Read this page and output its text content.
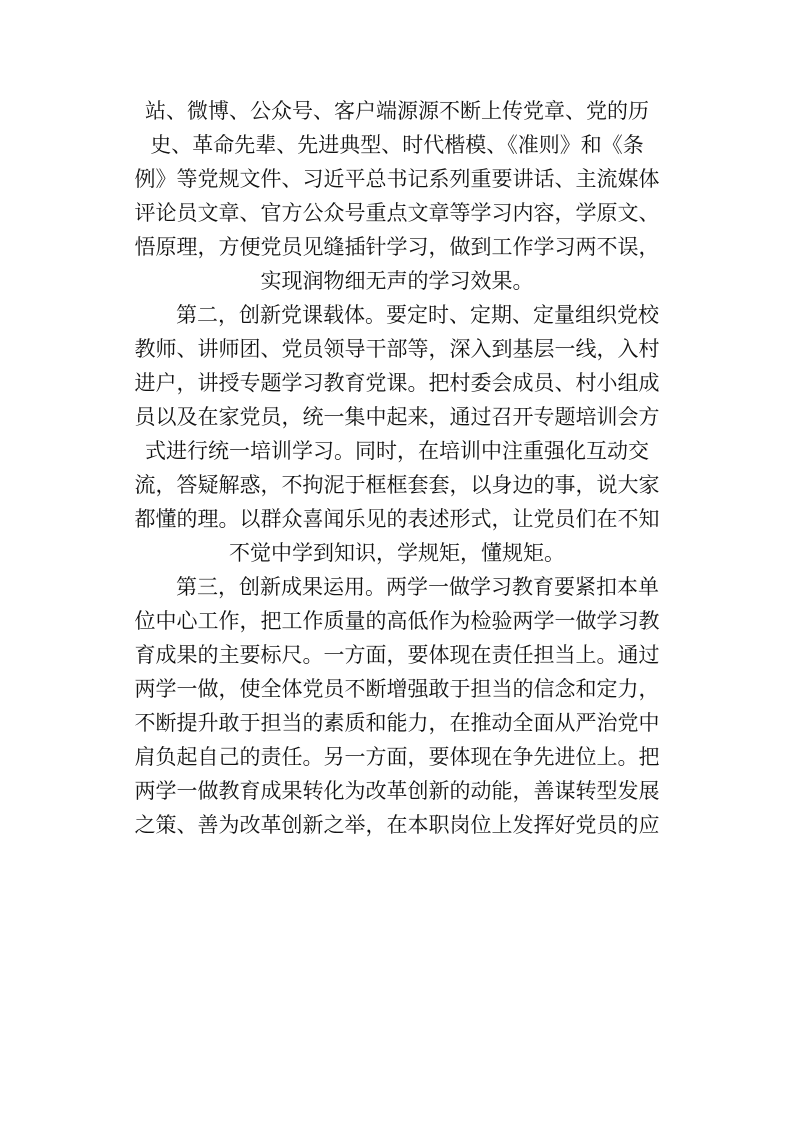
站、微博、公众号、客户端源源不断上传党章、党的历
史、革命先辈、先进典型、时代楷模、《准则》和《条
例》等党规文件、习近平总书记系列重要讲话、主流媒体
评论员文章、官方公众号重点文章等学习内容，学原文、
悟原理，方便党员见缝插针学习，做到工作学习两不误，
实现润物细无声的学习效果。
第二，创新党课载体。要定时、定期、定量组织党校
教师、讲师团、党员领导干部等，深入到基层一线，入村
进户，讲授专题学习教育党课。把村委会成员、村小组成
员以及在家党员，统一集中起来，通过召开专题培训会方
式进行统一培训学习。同时，在培训中注重强化互动交
流，答疑解惑，不拘泥于框框套套，以身边的事，说大家
都懂的理。以群众喜闻乐见的表述形式，让党员们在不知
不觉中学到知识，学规矩，懂规矩。
第三，创新成果运用。两学一做学习教育要紧扣本单
位中心工作，把工作质量的高低作为检验两学一做学习教
育成果的主要标尺。一方面，要体现在责任担当上。通过
两学一做，使全体党员不断增强敢于担当的信念和定力，
不断提升敢于担当的素质和能力，在推动全面从严治党中
肩负起自己的责任。另一方面，要体现在争先进位上。把
两学一做教育成果转化为改革创新的动能，善谋转型发展
之策、善为改革创新之举，在本职岗位上发挥好党员的应
